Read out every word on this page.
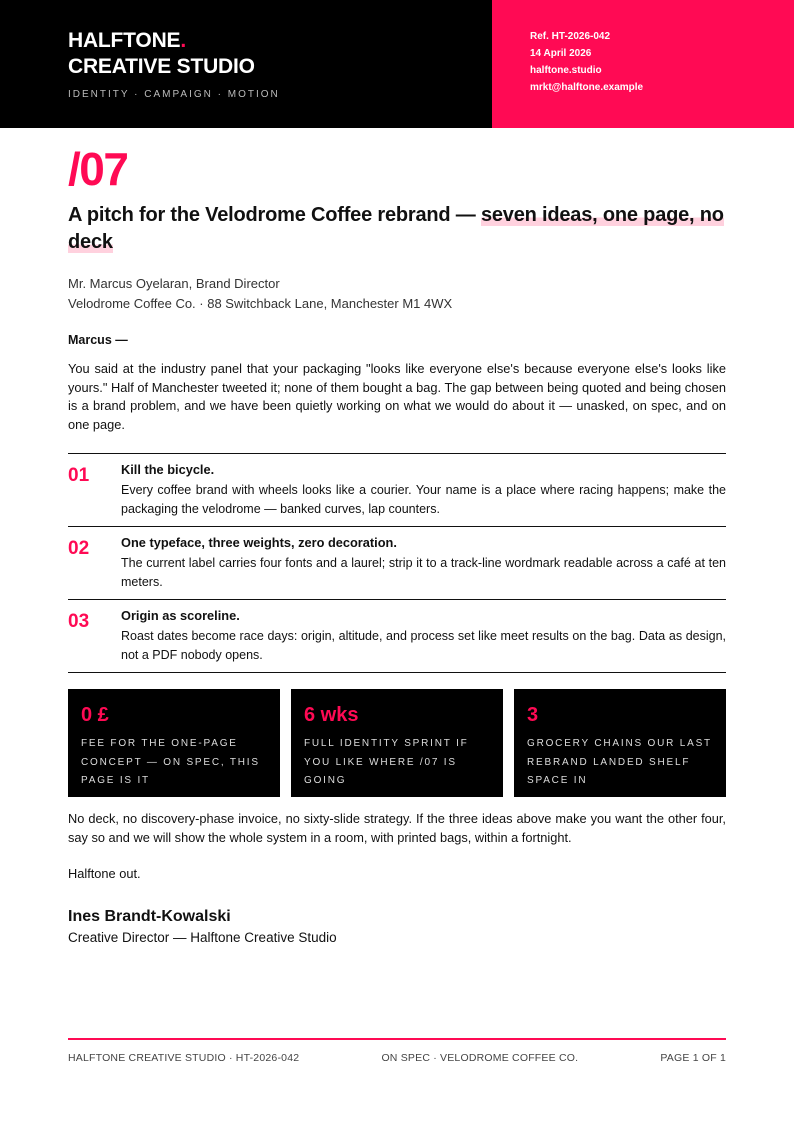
HALFTONE.
CREATIVE STUDIO
IDENTITY · CAMPAIGN · MOTION
Ref. HT-2026-042
14 April 2026
halftone.studio
mrkt@halftone.example
/07
A pitch for the Velodrome Coffee rebrand — seven ideas, one page, no deck
Mr. Marcus Oyelaran, Brand Director
Velodrome Coffee Co. · 88 Switchback Lane, Manchester M1 4WX
Marcus —

You said at the industry panel that your packaging "looks like everyone else's because everyone else's looks like yours." Half of Manchester tweeted it; none of them bought a bag. The gap between being quoted and being chosen is a brand problem, and we have been quietly working on what we would do about it — unasked, on spec, and on one page.

01	Kill the bicycle.
Every coffee brand with wheels looks like a courier. Your name is a place where racing happens; make the packaging the velodrome — banked curves, lap counters.
02	One typeface, three weights, zero decoration.
The current label carries four fonts and a laurel; strip it to a track-line wordmark readable across a café at ten meters.
03	Origin as scoreline.
Roast dates become race days: origin, altitude, and process set like meet results on the bag. Data as design, not a PDF nobody opens.
0 £
FEE FOR THE ONE-PAGE CONCEPT — ON SPEC, THIS PAGE IS IT
6 wks
FULL IDENTITY SPRINT IF YOU LIKE WHERE /07 IS GOING
3
GROCERY CHAINS OUR LAST REBRAND LANDED SHELF SPACE IN

No deck, no discovery-phase invoice, no sixty-slide strategy. If the three ideas above make you want the other four, say so and we will show the whole system in a room, with printed bags, within a fortnight.

Halftone out.

Ines Brandt-Kowalski
Creative Director — Halftone Creative Studio
HALFTONE CREATIVE STUDIO · HT-2026-042	ON SPEC · VELODROME COFFEE CO.	PAGE 1 OF 1
